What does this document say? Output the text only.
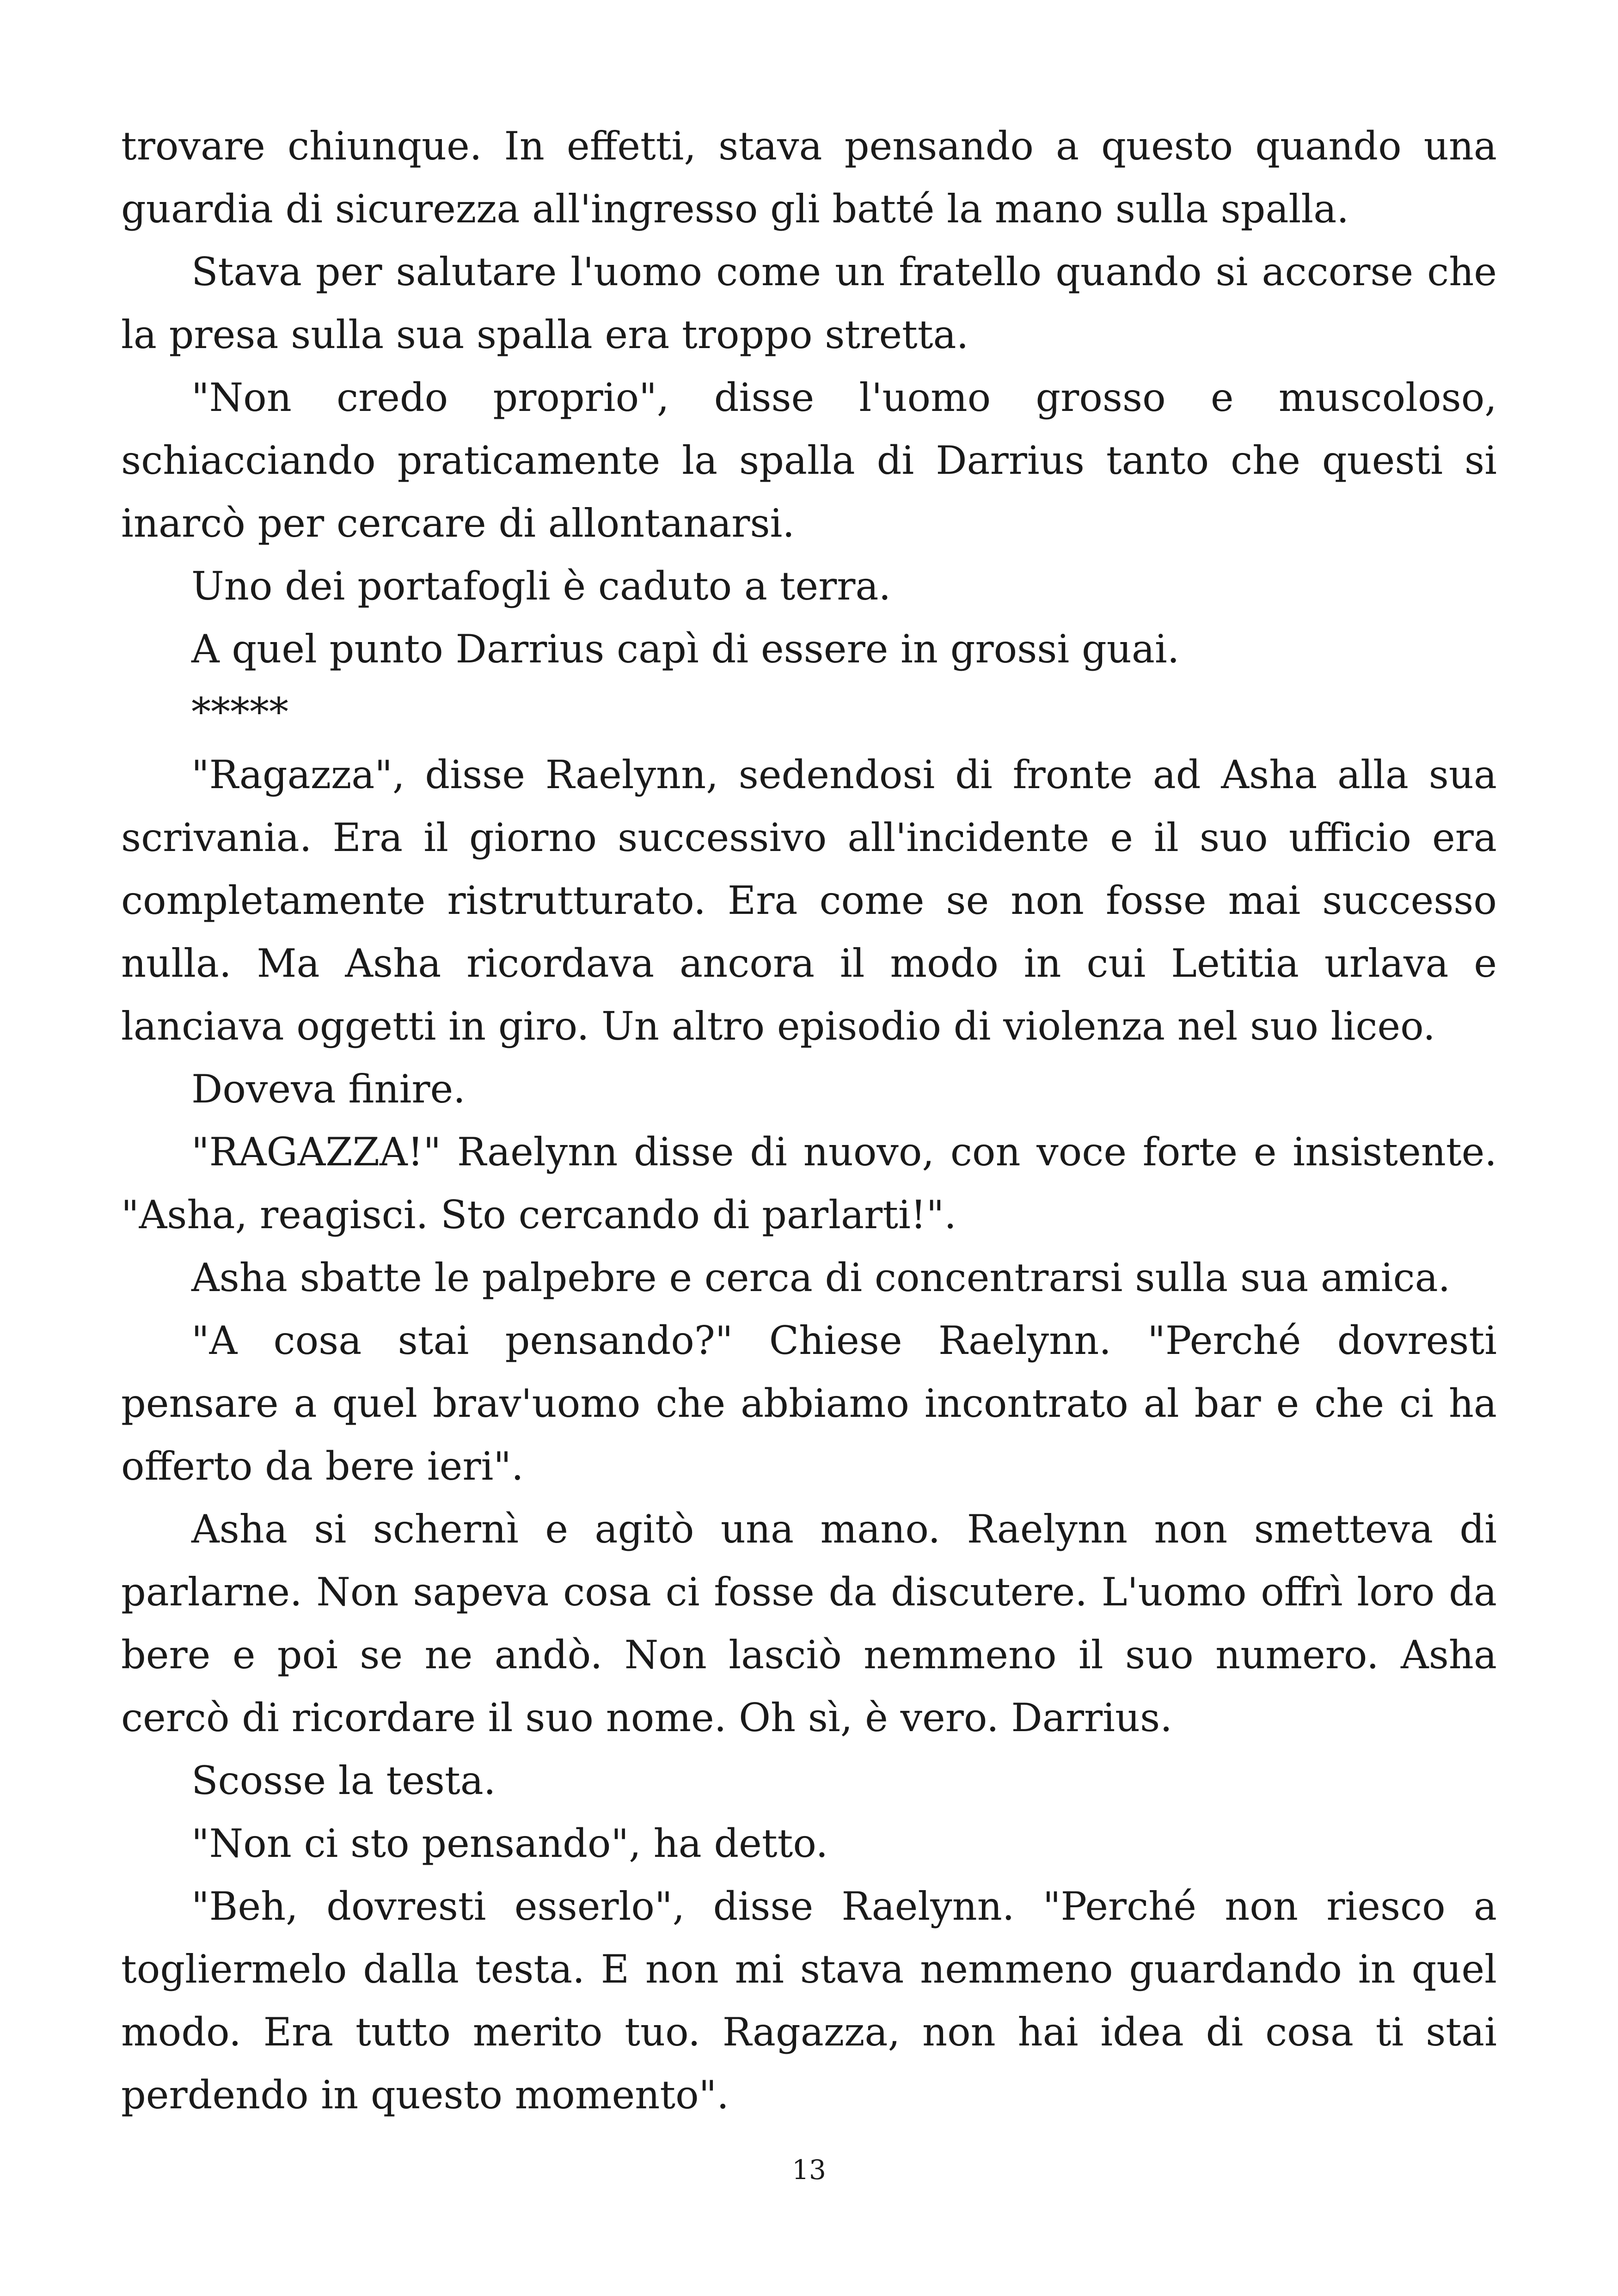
trovare chiunque. In effetti, stava pensando a questo quando una guardia di sicurezza all'ingresso gli batté la mano sulla spalla.

Stava per salutare l'uomo come un fratello quando si accorse che la presa sulla sua spalla era troppo stretta.

"Non credo proprio", disse l'uomo grosso e muscoloso, schiacciando praticamente la spalla di Darrius tanto che questi si inarcò per cercare di allontanarsi.

Uno dei portafogli è caduto a terra.

A quel punto Darrius capì di essere in grossi guai.

*****

"Ragazza", disse Raelynn, sedendosi di fronte ad Asha alla sua scrivania. Era il giorno successivo all'incidente e il suo ufficio era completamente ristrutturato. Era come se non fosse mai successo nulla. Ma Asha ricordava ancora il modo in cui Letitia urlava e lanciava oggetti in giro. Un altro episodio di violenza nel suo liceo.

Doveva finire.

"RAGAZZA!" Raelynn disse di nuovo, con voce forte e insistente. "Asha, reagisci. Sto cercando di parlarti!".

Asha sbatte le palpebre e cerca di concentrarsi sulla sua amica.

"A cosa stai pensando?" Chiese Raelynn. "Perché dovresti pensare a quel brav'uomo che abbiamo incontrato al bar e che ci ha offerto da bere ieri".

Asha si schernì e agitò una mano. Raelynn non smetteva di parlarne. Non sapeva cosa ci fosse da discutere. L'uomo offrì loro da bere e poi se ne andò. Non lasciò nemmeno il suo numero. Asha cercò di ricordare il suo nome. Oh sì, è vero. Darrius.

Scosse la testa.

"Non ci sto pensando", ha detto.

"Beh, dovresti esserlo", disse Raelynn. "Perché non riesco a togliermelo dalla testa. E non mi stava nemmeno guardando in quel modo. Era tutto merito tuo. Ragazza, non hai idea di cosa ti stai perdendo in questo momento".

13
